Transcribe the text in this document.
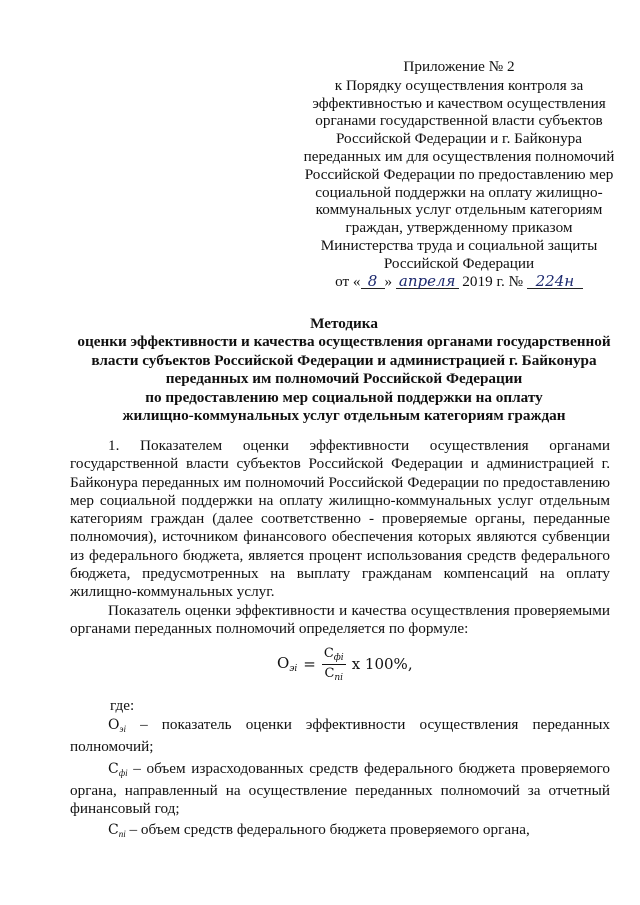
Приложение № 2
к Порядку осуществления контроля за
эффективностью и качеством осуществления
органами государственной власти субъектов
Российской Федерации и г. Байконура
переданных им для осуществления полномочий
Российской Федерации по предоставлению мер
социальной поддержки на оплату жилищно-
коммунальных услуг отдельным категориям
граждан, утвержденному приказом
Министерства труда и социальной защиты
Российской Федерации
от « 8 » апреля 2019 г. № 224н
Методика
оценки эффективности и качества осуществления органами государственной
власти субъектов Российской Федерации и администрацией г. Байконура
переданных им полномочий Российской Федерации
по предоставлению мер социальной поддержки на оплату
жилищно-коммунальных услуг отдельным категориям граждан

1. Показателем оценки эффективности осуществления органами государственной власти субъектов Российской Федерации и администрацией г. Байконура переданных им полномочий Российской Федерации по предоставлению мер социальной поддержки на оплату жилищно-коммунальных услуг отдельным категориям граждан (далее соответственно - проверяемые органы, переданные полномочия), источником финансового обеспечения которых являются субвенции из федерального бюджета, является процент использования средств федерального бюджета, предусмотренных на выплату гражданам компенсаций на оплату жилищно-коммунальных услуг.

Показатель оценки эффективности и качества осуществления проверяемыми органами переданных полномочий определяется по формуле:

$О_{эi} = \frac{С_{фi}}{С_{пi}}$ x 100%,
где:

$О_{эi}$ – показатель оценки эффективности осуществления переданных полномочий;

$С_{фi}$ – объем израсходованных средств федерального бюджета проверяемого органа, направленный на осуществление переданных полномочий за отчетный финансовый год;

$С_{пi}$ – объем средств федерального бюджета проверяемого органа,
